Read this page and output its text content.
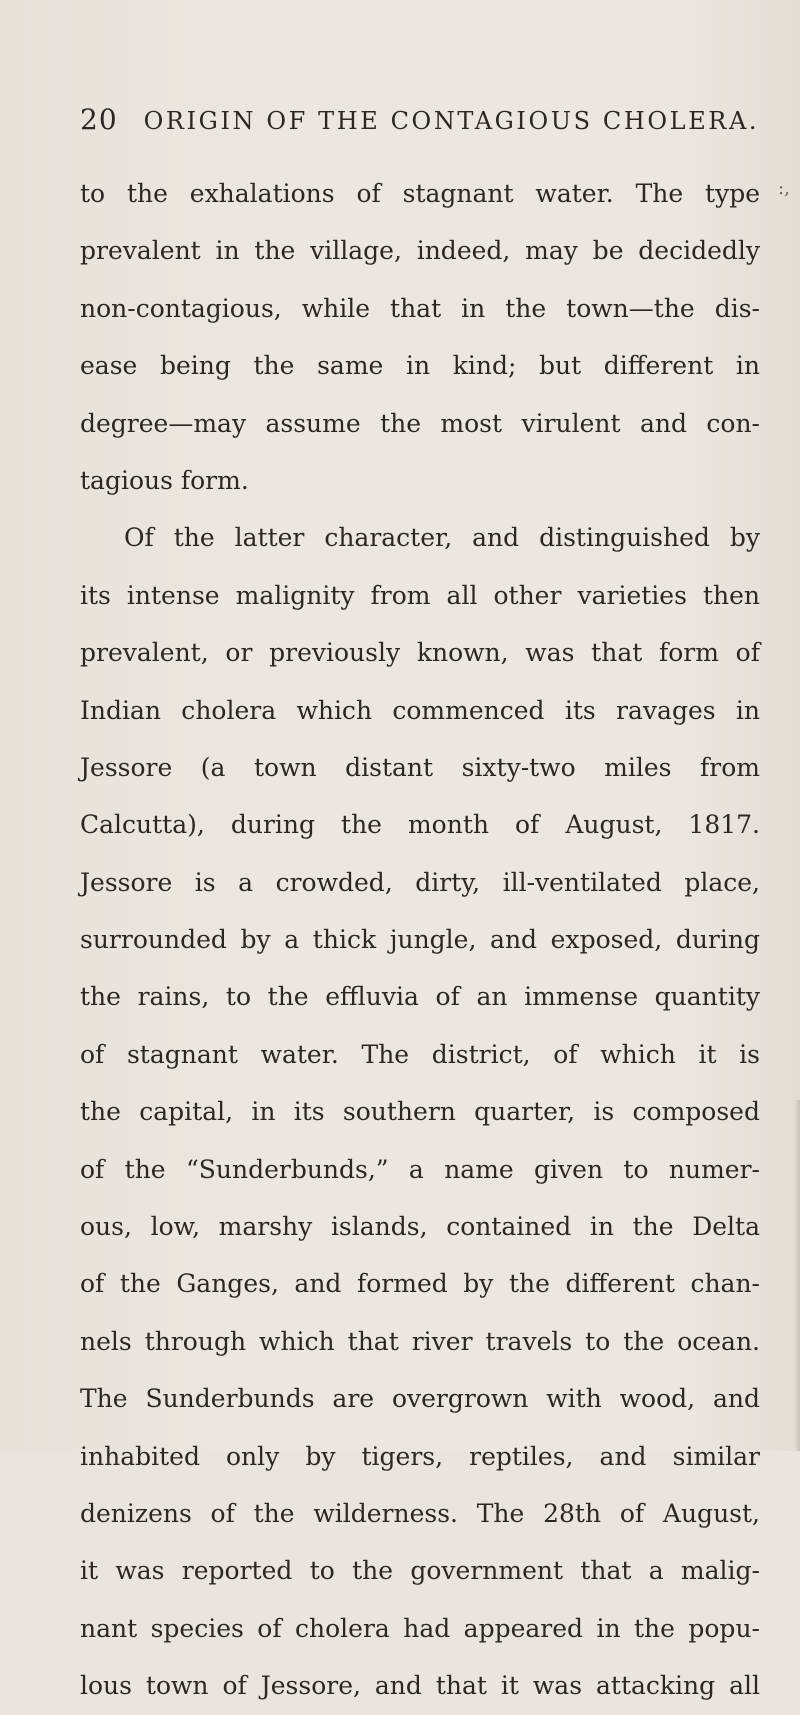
20 ORIGIN OF THE CONTAGIOUS CHOLERA.
:,
to the exhalations of stagnant water. The type
prevalent in the village, indeed, may be decidedly
non-contagious, while that in the town—the dis-
ease being the same in kind; but different in
degree—may assume the most virulent and con-
tagious form.
Of the latter character, and distinguished by
its intense malignity from all other varieties then
prevalent, or previously known, was that form of
Indian cholera which commenced its ravages in
Jessore (a town distant sixty-two miles from
Calcutta), during the month of August, 1817.
Jessore is a crowded, dirty, ill-ventilated place,
surrounded by a thick jungle, and exposed, during
the rains, to the effluvia of an immense quantity
of stagnant water. The district, of which it is
the capital, in its southern quarter, is composed
of the “Sunderbunds,” a name given to numer-
ous, low, marshy islands, contained in the Delta
of the Ganges, and formed by the different chan-
nels through which that river travels to the ocean.
The Sunderbunds are overgrown with wood, and
inhabited only by tigers, reptiles, and similar
denizens of the wilderness. The 28th of August,
it was reported to the government that a malig-
nant species of cholera had appeared in the popu-
lous town of Jessore, and that it was attacking all
